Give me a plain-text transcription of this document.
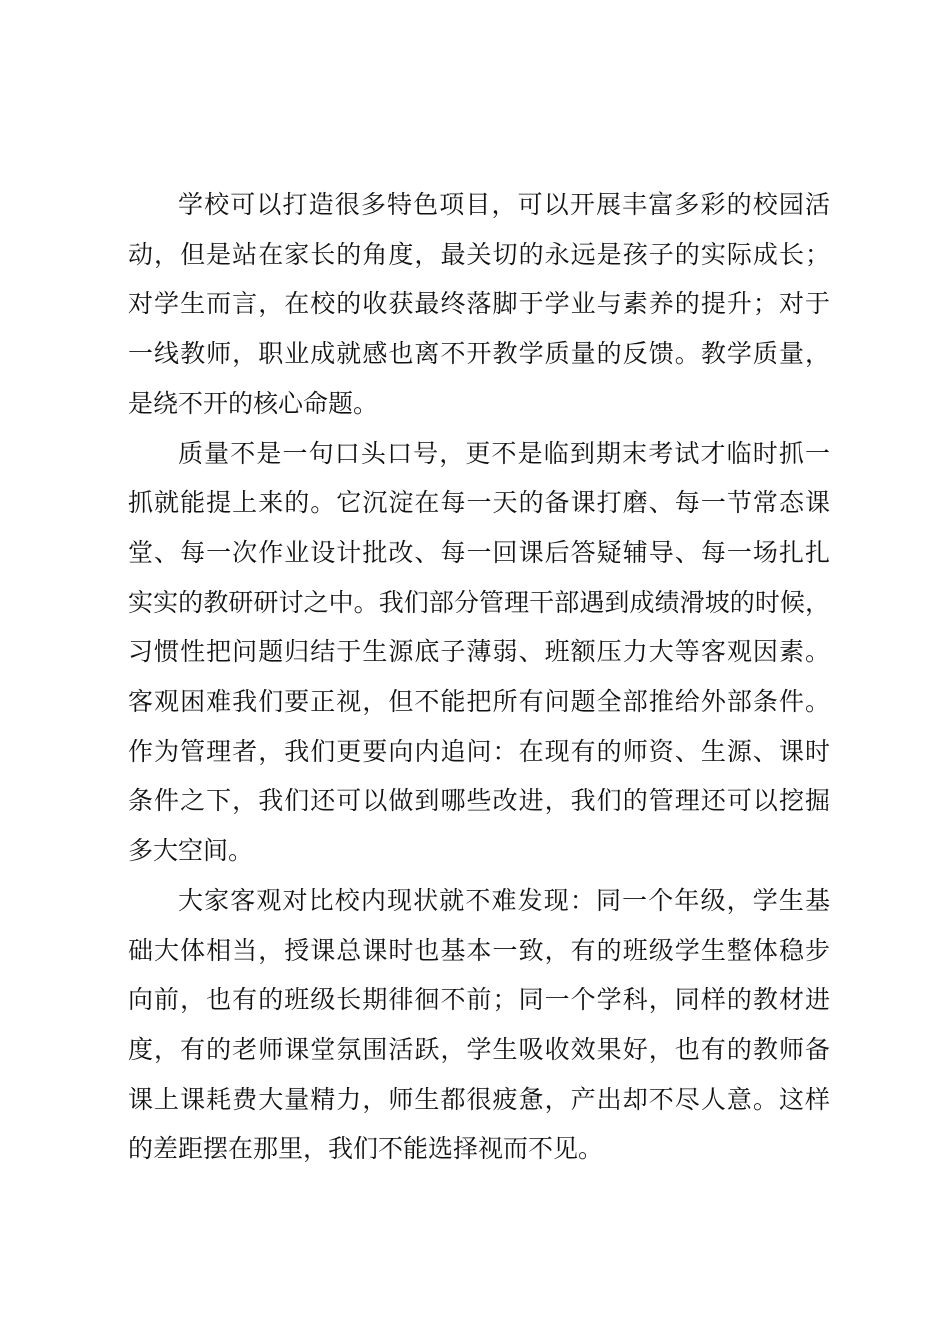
学校可以打造很多特色项目，可以开展丰富多彩的校园活
动，但是站在家长的角度，最关切的永远是孩子的实际成长；
对学生而言，在校的收获最终落脚于学业与素养的提升；对于
一线教师，职业成就感也离不开教学质量的反馈。教学质量，
是绕不开的核心命题。

质量不是一句口头口号，更不是临到期末考试才临时抓一
抓就能提上来的。它沉淀在每一天的备课打磨、每一节常态课
堂、每一次作业设计批改、每一回课后答疑辅导、每一场扎扎
实实的教研研讨之中。我们部分管理干部遇到成绩滑坡的时候，
习惯性把问题归结于生源底子薄弱、班额压力大等客观因素。
客观困难我们要正视，但不能把所有问题全部推给外部条件。
作为管理者，我们更要向内追问：在现有的师资、生源、课时
条件之下，我们还可以做到哪些改进，我们的管理还可以挖掘
多大空间。

大家客观对比校内现状就不难发现：同一个年级，学生基
础大体相当，授课总课时也基本一致，有的班级学生整体稳步
向前，也有的班级长期徘徊不前；同一个学科，同样的教材进
度，有的老师课堂氛围活跃，学生吸收效果好，也有的教师备
课上课耗费大量精力，师生都很疲惫，产出却不尽人意。这样
的差距摆在那里，我们不能选择视而不见。
